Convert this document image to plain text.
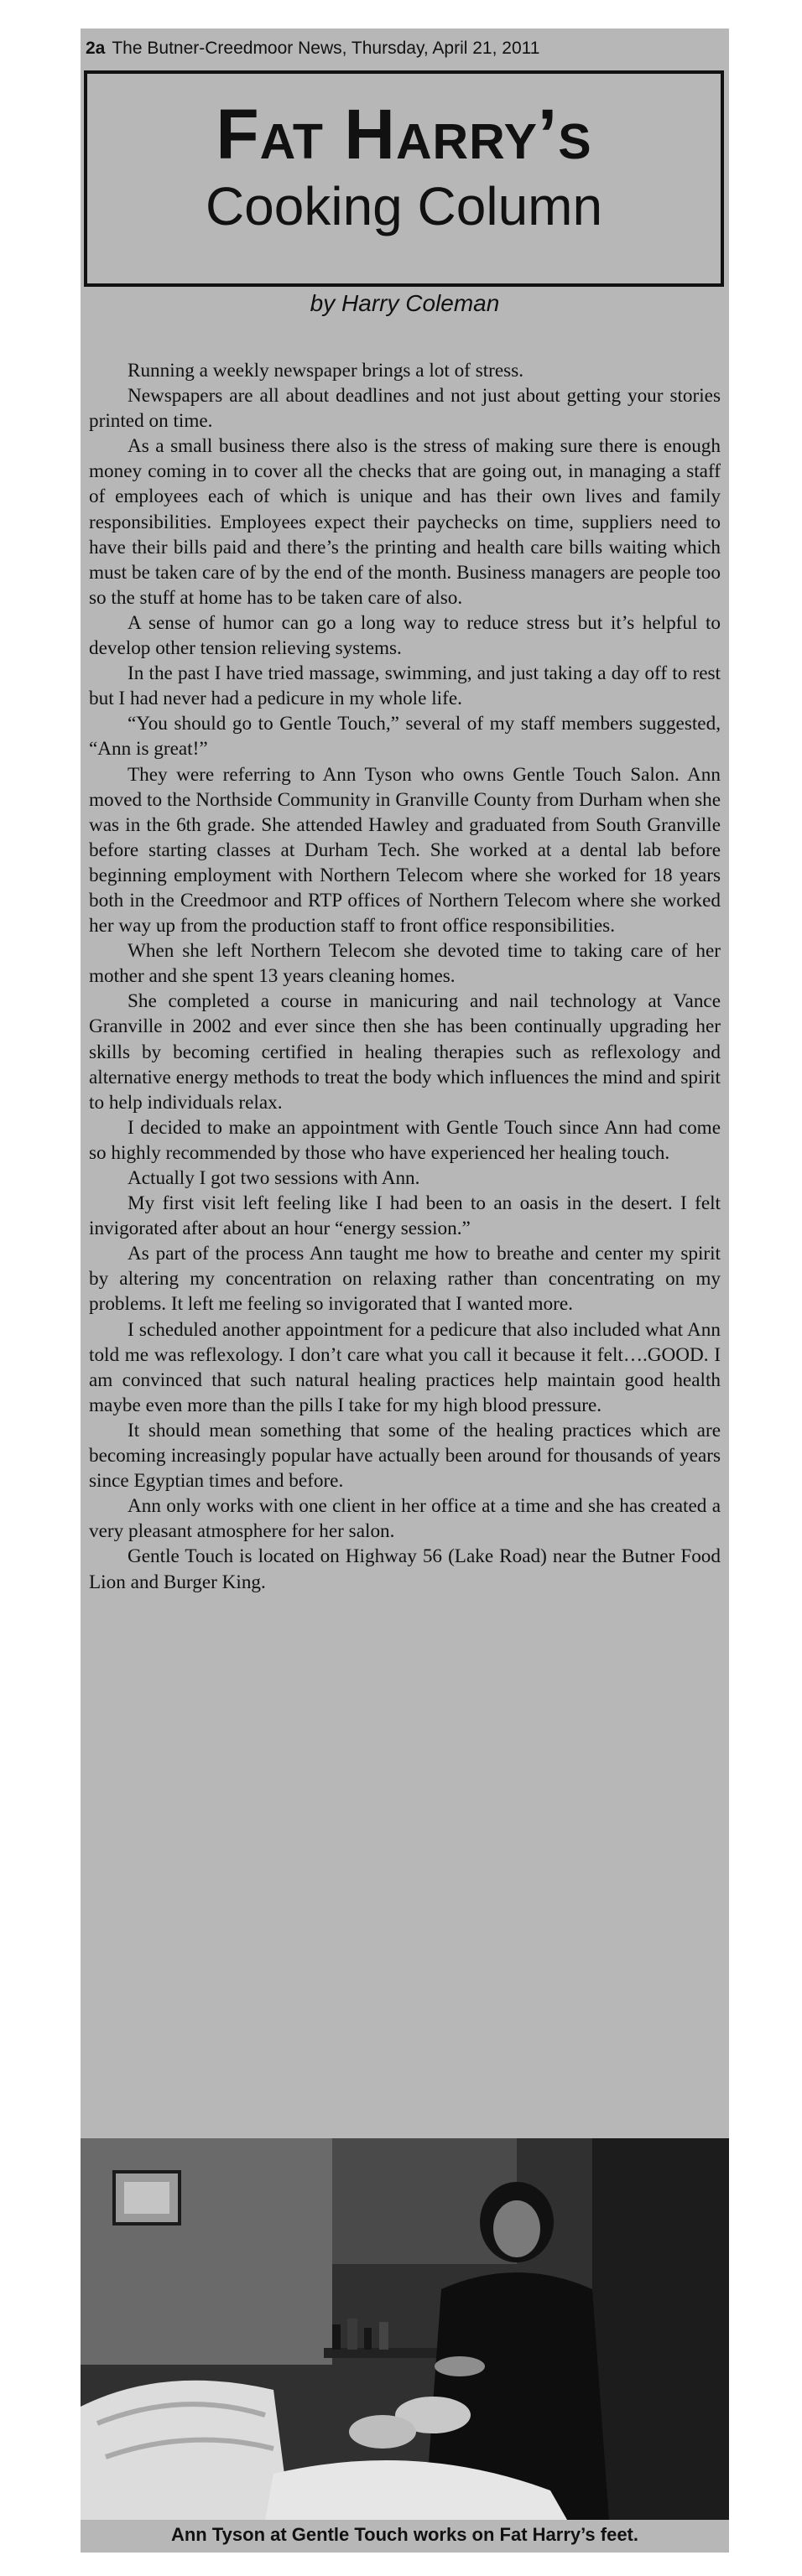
2a The Butner-Creedmoor News, Thursday, April 21, 2011
Fat Harry’s
Cooking Column
by Harry Coleman

Running a weekly newspaper brings a lot of stress.

Newspapers are all about deadlines and not just about getting your stories printed on time.

As a small business there also is the stress of making sure there is enough money coming in to cover all the checks that are going out, in managing a staff of employees each of which is unique and has their own lives and family responsibilities. Employees expect their paychecks on time, suppliers need to have their bills paid and there’s the printing and health care bills waiting which must be taken care of by the end of the month. Business managers are people too so the stuff at home has to be taken care of also.

A sense of humor can go a long way to reduce stress but it’s helpful to develop other tension relieving systems.

In the past I have tried massage, swimming, and just taking a day off to rest but I had never had a pedicure in my whole life.

“You should go to Gentle Touch,” several of my staff members suggested, “Ann is great!”

They were referring to Ann Tyson who owns Gentle Touch Salon. Ann moved to the Northside Community in Granville County from Durham when she was in the 6th grade. She attended Hawley and graduated from South Granville before starting classes at Durham Tech. She worked at a dental lab before beginning employment with Northern Telecom where she worked for 18 years both in the Creedmoor and RTP offices of Northern Telecom where she worked her way up from the production staff to front office responsibilities.

When she left Northern Telecom she devoted time to taking care of her mother and she spent 13 years cleaning homes.

She completed a course in manicuring and nail technology at Vance Granville in 2002 and ever since then she has been continually upgrading her skills by becoming certified in healing therapies such as reflexology and alternative energy methods to treat the body which influences the mind and spirit to help individuals relax.

I decided to make an appointment with Gentle Touch since Ann had come so highly recommended by those who have experienced her healing touch.

Actually I got two sessions with Ann.

My first visit left feeling like I had been to an oasis in the desert. I felt invigorated after about an hour “energy session.”

As part of the process Ann taught me how to breathe and center my spirit by altering my concentration on relaxing rather than concentrating on my problems. It left me feeling so invigorated that I wanted more.

I scheduled another appointment for a pedicure that also included what Ann told me was reflexology. I don’t care what you call it because it felt….GOOD. I am convinced that such natural healing practices help maintain good health maybe even more than the pills I take for my high blood pressure.

It should mean something that some of the healing practices which are becoming increasingly popular have actually been around for thousands of years since Egyptian times and before.

Ann only works with one client in her office at a time and she has created a very pleasant atmosphere for her salon.

Gentle Touch is located on Highway 56 (Lake Road) near the Butner Food Lion and Burger King.

Ann Tyson at Gentle Touch works on Fat Harry’s feet.
